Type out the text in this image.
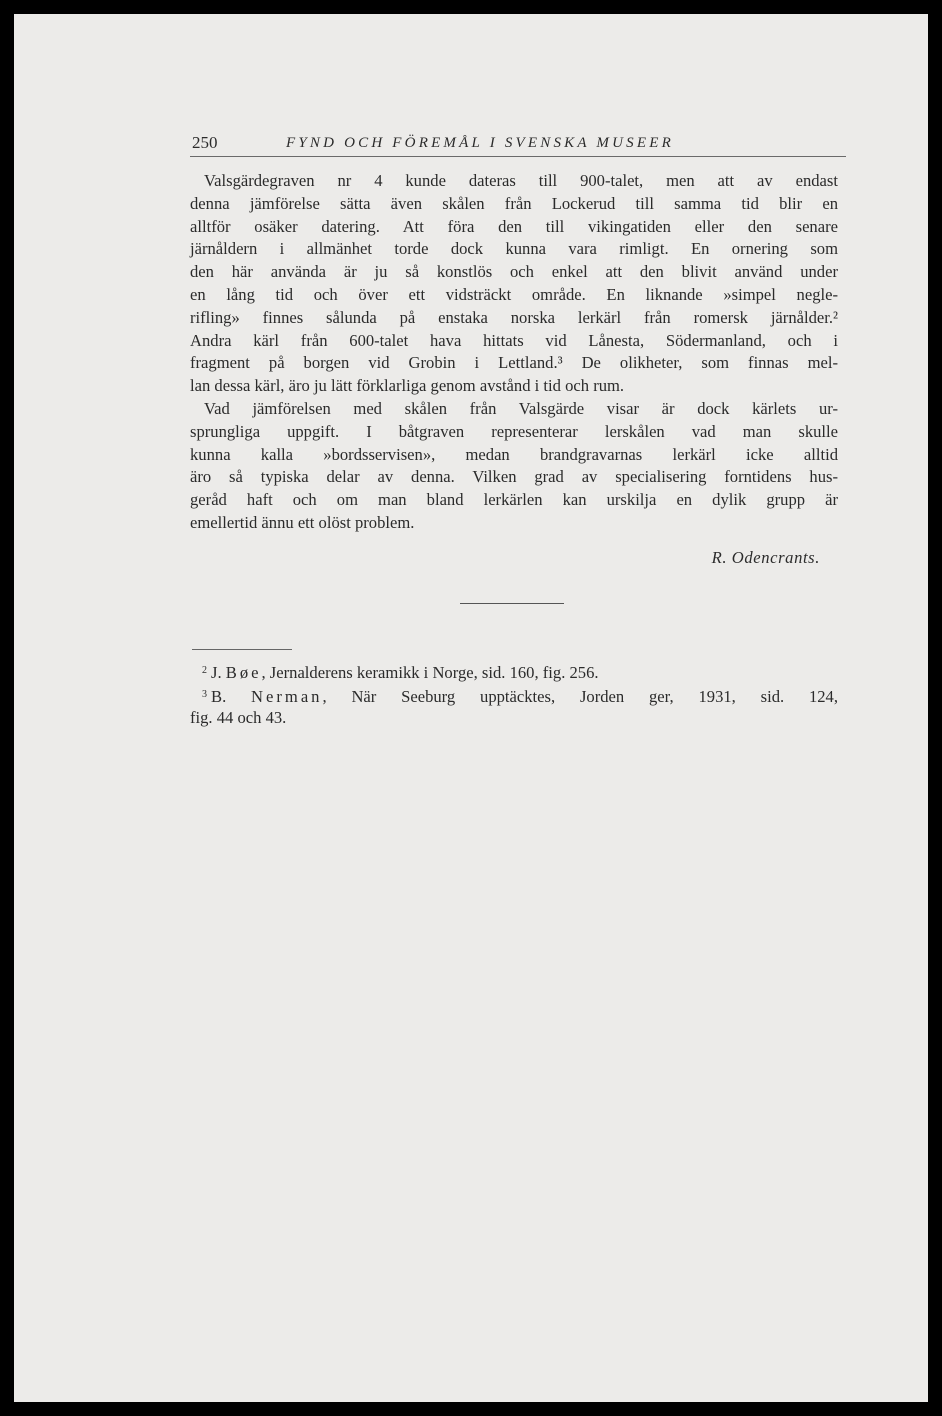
250	FYND OCH FÖREMÅL I SVENSKA MUSEER
Valsgärdegraven nr 4 kunde dateras till 900-talet, men att av endast
denna jämförelse sätta även skålen från Lockerud till samma tid blir en
alltför osäker datering. Att föra den till vikingatiden eller den senare
järnåldern i allmänhet torde dock kunna vara rimligt. En ornering som
den här använda är ju så konstlös och enkel att den blivit använd under
en lång tid och över ett vidsträckt område. En liknande »simpel negle-
rifling» finnes sålunda på enstaka norska lerkärl från romersk järnålder.²
Andra kärl från 600-talet hava hittats vid Lånesta, Södermanland, och i
fragment på borgen vid Grobin i Lettland.³ De olikheter, som finnas mel-
lan dessa kärl, äro ju lätt förklarliga genom avstånd i tid och rum.
Vad jämförelsen med skålen från Valsgärde visar är dock kärlets ur-
sprungliga uppgift. I båtgraven representerar lerskålen vad man skulle
kunna kalla »bordsservisen», medan brandgravarnas lerkärl icke alltid
äro så typiska delar av denna. Vilken grad av specialisering forntidens hus-
geråd haft och om man bland lerkärlen kan urskilja en dylik grupp är
emellertid ännu ett olöst problem.
R. Odencrants.
$^2$ J. Bøe, Jernalderens keramikk i Norge, sid. 160, fig. 256.
$^3$ B. Nerman, När Seeburg upptäcktes, Jorden ger, 1931, sid. 124,
fig. 44 och 43.
